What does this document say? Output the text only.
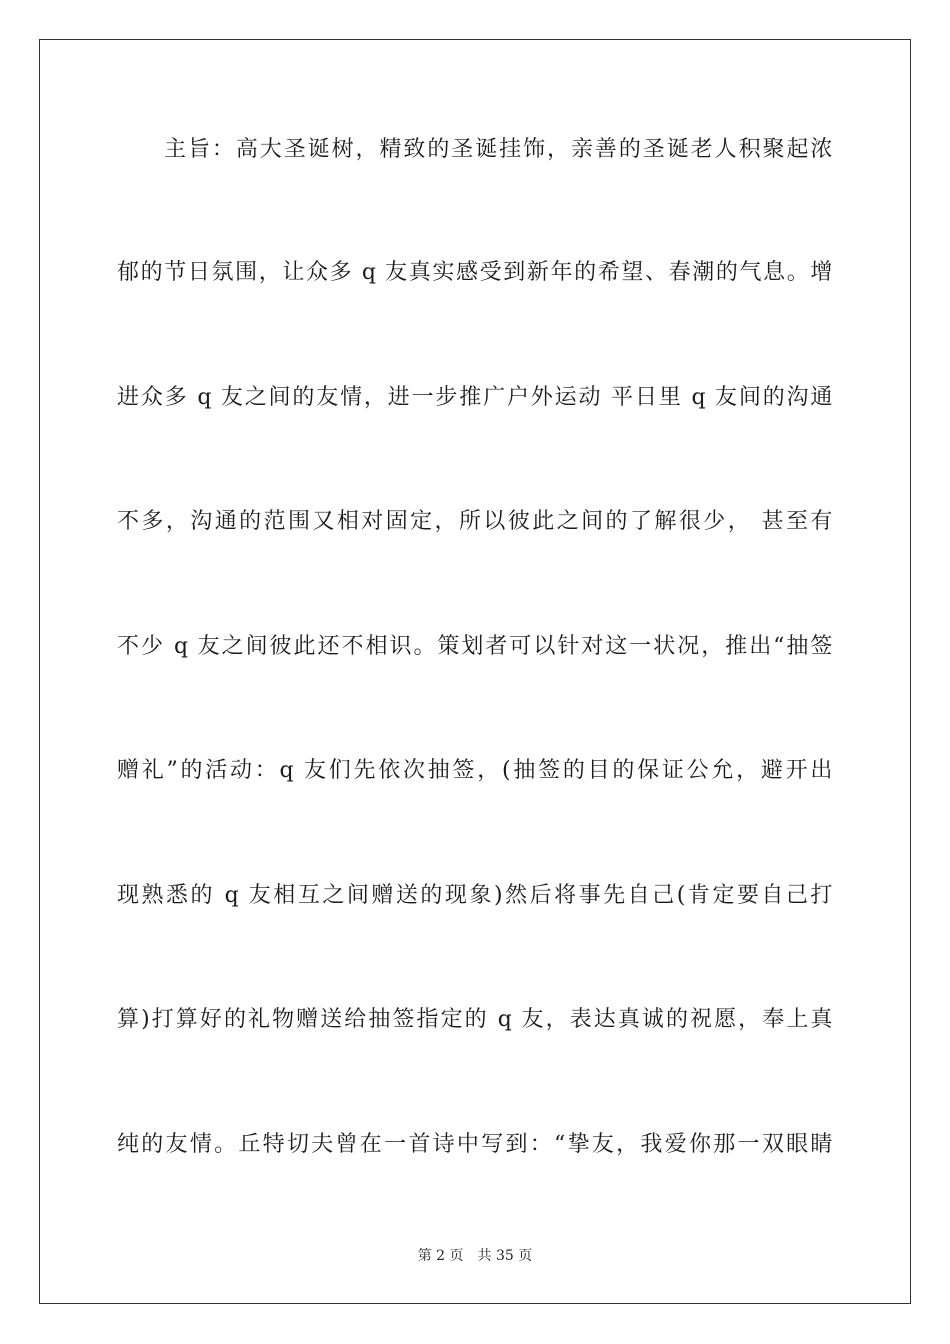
主旨：高大圣诞树，精致的圣诞挂饰，亲善的圣诞老人积聚起浓
郁的节日氛围，让众多 q 友真实感受到新年的希望、春潮的气息。增
进众多 q 友之间的友情，进一步推广户外运动 平日里 q 友间的沟通
不多，沟通的范围又相对固定，所以彼此之间的了解很少， 甚至有
不少 q 友之间彼此还不相识。策划者可以针对这一状况，推出“抽签
赠礼”的活动：q 友们先依次抽签，(抽签的目的保证公允，避开出
现熟悉的 q 友相互之间赠送的现象)然后将事先自己(肯定要自己打
算)打算好的礼物赠送给抽签指定的 q 友，表达真诚的祝愿，奉上真
纯的友情。丘特切夫曾在一首诗中写到：“挚友，我爱你那一双眼睛
第 2 页 共 35 页
